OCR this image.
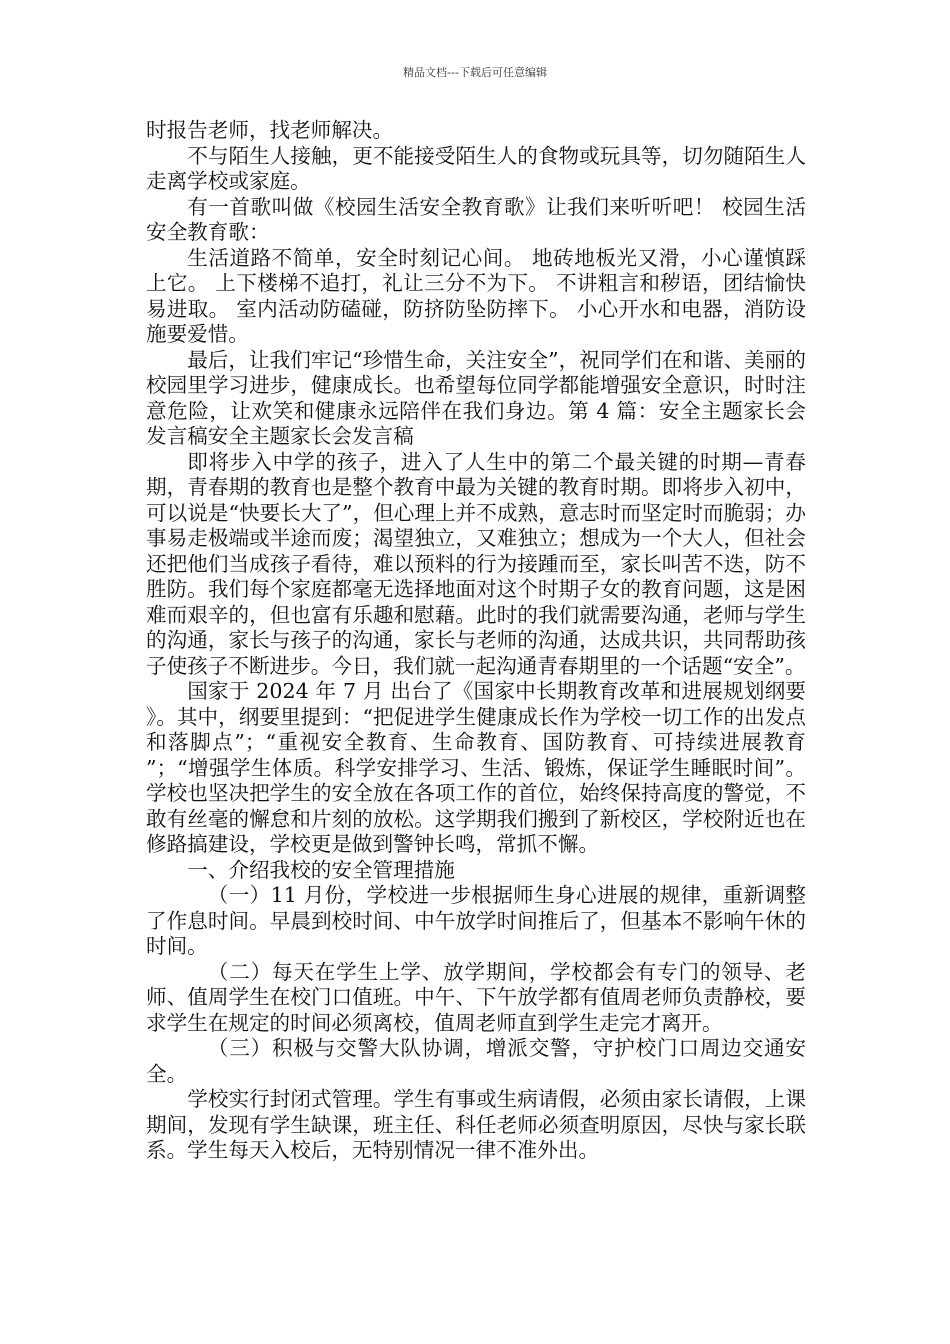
精品文档---下载后可任意编辑

时报告老师，找老师解决。

不与陌生人接触，更不能接受陌生人的食物或玩具等，切勿随陌生人走离学校或家庭。

有一首歌叫做《校园生活安全教育歌》让我们来听听吧！ 校园生活安全教育歌：

生活道路不简单，安全时刻记心间。 地砖地板光又滑，小心谨慎踩上它。 上下楼梯不追打，礼让三分不为下。 不讲粗言和秽语，团结愉快易进取。 室内活动防磕碰，防挤防坠防摔下。 小心开水和电器，消防设施要爱惜。

最后，让我们牢记“珍惜生命，关注安全”，祝同学们在和谐、美丽的校园里学习进步，健康成长。也希望每位同学都能增强安全意识，时时注意危险，让欢笑和健康永远陪伴在我们身边。第 4 篇：安全主题家长会发言稿安全主题家长会发言稿

即将步入中学的孩子，进入了人生中的第二个最关键的时期—青春期，青春期的教育也是整个教育中最为关键的教育时期。即将步入初中，可以说是“快要长大了”，但心理上并不成熟，意志时而坚定时而脆弱；办事易走极端或半途而废；渴望独立，又难独立；想成为一个大人，但社会还把他们当成孩子看待，难以预料的行为接踵而至，家长叫苦不迭，防不胜防。我们每个家庭都毫无选择地面对这个时期子女的教育问题，这是困难而艰辛的，但也富有乐趣和慰藉。此时的我们就需要沟通，老师与学生的沟通，家长与孩子的沟通，家长与老师的沟通，达成共识，共同帮助孩子使孩子不断进步。今日，我们就一起沟通青春期里的一个话题“安全”。

国家于 2024 年 7 月 出台了《国家中长期教育改革和进展规划纲要 》。其中，纲要里提到：“把促进学生健康成长作为学校一切工作的出发点和落脚点”；“重视安全教育、生命教育、国防教育、可持续进展教育 ”；“增强学生体质。科学安排学习、生活、锻炼，保证学生睡眠时间”。 学校也坚决把学生的安全放在各项工作的首位，始终保持高度的警觉，不敢有丝毫的懈怠和片刻的放松。这学期我们搬到了新校区，学校附近也在修路搞建设，学校更是做到警钟长鸣，常抓不懈。

一、介绍我校的安全管理措施

（一）11 月份，学校进一步根据师生身心进展的规律，重新调整了作息时间。早晨到校时间、中午放学时间推后了，但基本不影响午休的时间。

（二）每天在学生上学、放学期间，学校都会有专门的领导、老师、值周学生在校门口值班。中午、下午放学都有值周老师负责静校，要求学生在规定的时间必须离校，值周老师直到学生走完才离开。

（三）积极与交警大队协调，增派交警，守护校门口周边交通安全。

学校实行封闭式管理。学生有事或生病请假，必须由家长请假，上课期间，发现有学生缺课，班主任、科任老师必须查明原因，尽快与家长联系。学生每天入校后，无特别情况一律不准外出。
